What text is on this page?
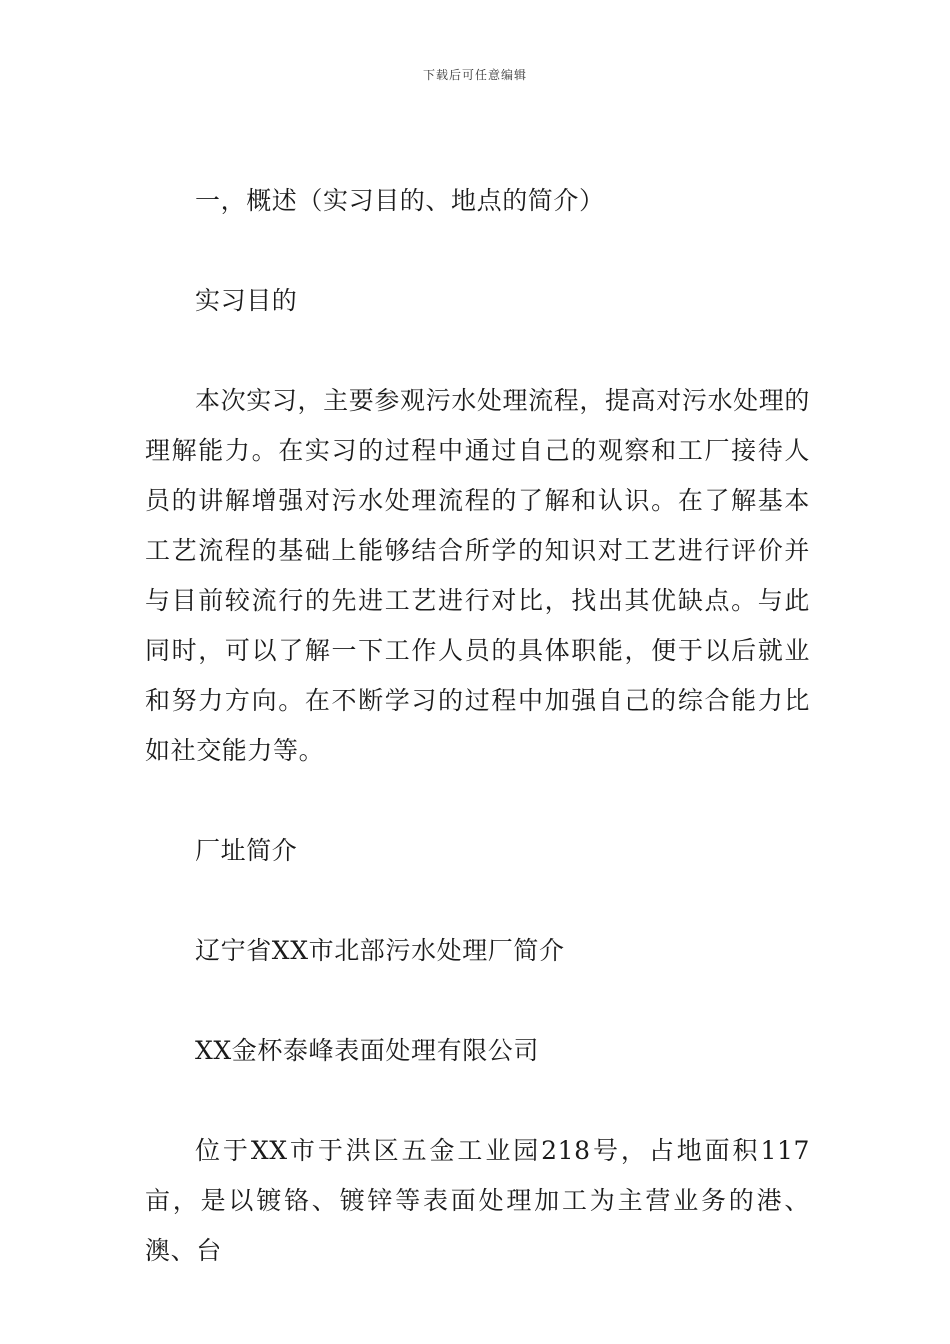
下载后可任意编辑

一，概述（实习目的、地点的简介）

实习目的

本次实习，主要参观污水处理流程，提高对污水处理的理解能力。在实习的过程中通过自己的观察和工厂接待人员的讲解增强对污水处理流程的了解和认识。在了解基本工艺流程的基础上能够结合所学的知识对工艺进行评价并与目前较流行的先进工艺进行对比，找出其优缺点。与此同时，可以了解一下工作人员的具体职能，便于以后就业和努力方向。在不断学习的过程中加强自己的综合能力比如社交能力等。

厂址简介

辽宁省XX市北部污水处理厂简介

XX金杯泰峰表面处理有限公司

位于XX市于洪区五金工业园218号，占地面积117亩，是以镀铬、镀锌等表面处理加工为主营业务的港、澳、台
